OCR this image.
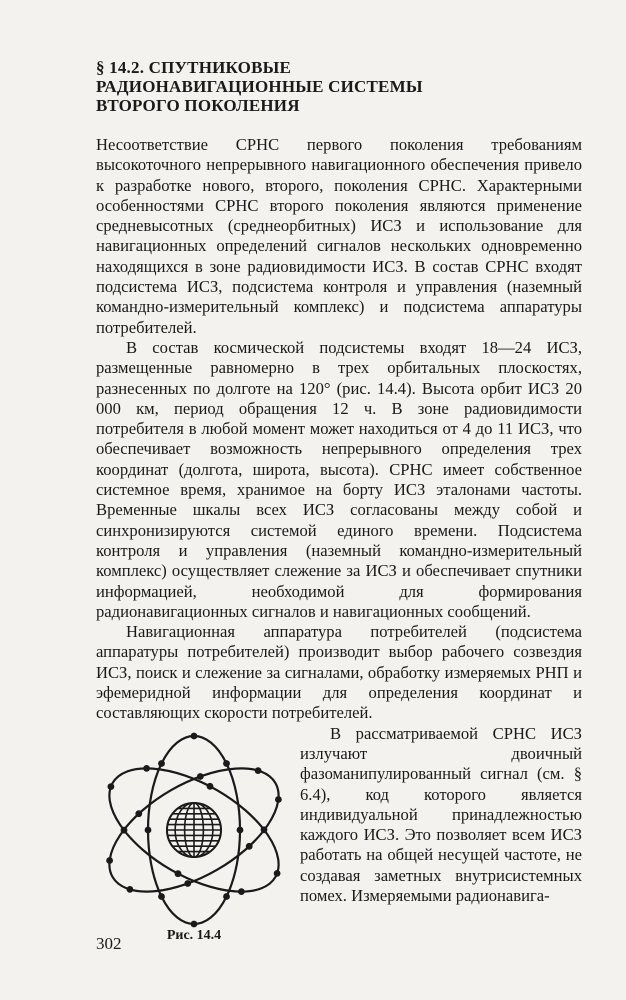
§ 14.2. СПУТНИКОВЫЕ
РАДИОНАВИГАЦИОННЫЕ СИСТЕМЫ
ВТОРОГО ПОКОЛЕНИЯ

Несоответствие СРНС первого поколения требованиям высокоточного непрерывного навигационного обеспечения привело к разработке нового, второго, поколения СРНС. Характерными особенностями СРНС второго поколения являются применение средневысотных (среднеорбитных) ИСЗ и использование для навигационных определений сигналов нескольких одновременно находящихся в зоне радиовидимости ИСЗ. В состав СРНС входят подсистема ИСЗ, подсистема контроля и управления (наземный командно-измерительный комплекс) и подсистема аппаратуры потребителей.

В состав космической подсистемы входят 18—24 ИСЗ, размещенные равномерно в трех орбитальных плоскостях, разнесенных по долготе на 120° (рис. 14.4). Высота орбит ИСЗ 20 000 км, период обращения 12 ч. В зоне радиовидимости потребителя в любой момент может находиться от 4 до 11 ИСЗ, что обеспечивает возможность непрерывного определения трех координат (долгота, широта, высота). СРНС имеет собственное системное время, хранимое на борту ИСЗ эталонами частоты. Временные шкалы всех ИСЗ согласованы между собой и синхронизируются системой единого времени. Подсистема контроля и управления (наземный командно-измерительный комплекс) осуществляет слежение за ИСЗ и обеспечивает спутники информацией, необходимой для формирования радионавигационных сигналов и навигационных сообщений.

Навигационная аппаратура потребителей (подсистема аппаратуры потребителей) производит выбор рабочего созвездия ИСЗ, поиск и слежение за сигналами, обработку измеряемых РНП и эфемеридной информации для определения координат и составляющих скорости потребителей.

Рис. 14.4

В рассматриваемой СРНС ИСЗ излучают двоичный фазоманипулированный сигнал (см. § 6.4), код которого является индивидуальной принадлежностью каждого ИСЗ. Это позволяет всем ИСЗ работать на общей несущей частоте, не создавая заметных внутрисистемных помех. Измеряемыми радионавига-

302
